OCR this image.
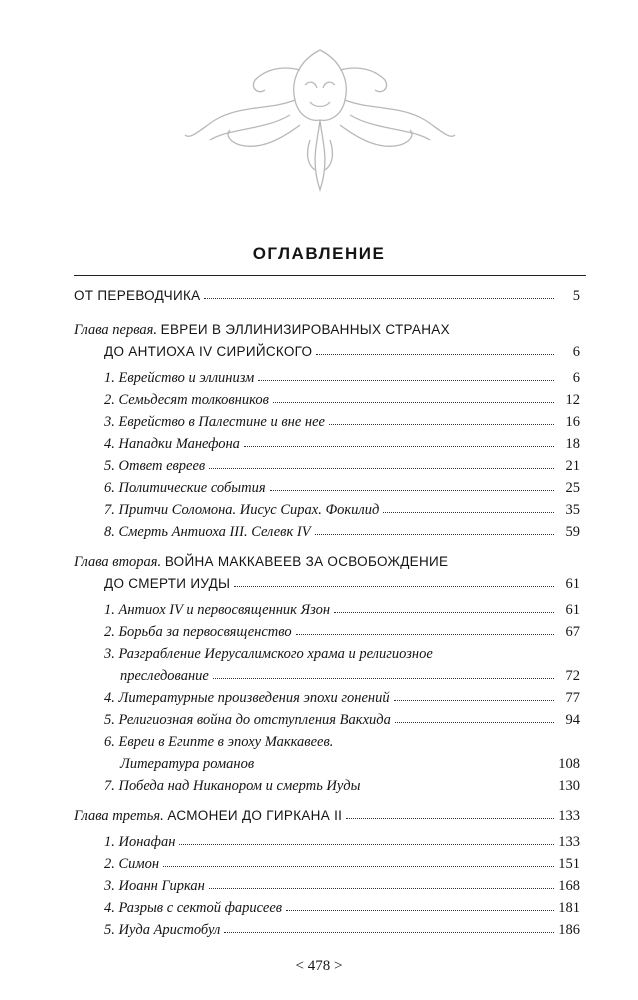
ОГЛАВЛЕНИЕ
ОТ ПЕРЕВОДЧИКА	5
Глава первая. ЕВРЕИ В ЭЛЛИНИЗИРОВАННЫХ СТРАНАХ
ДО АНТИОХА IV СИРИЙСКОГО	6
1. Еврейство и эллинизм	6
2. Семьдесят толковников	12
3. Еврейство в Палестине и вне нее	16
4. Нападки Манефона	18
5. Ответ евреев	21
6. Политические события	25
7. Притчи Соломона. Иисус Сирах. Фокилид	35
8. Смерть Антиоха III. Селевк IV	59
Глава вторая. ВОЙНА МАККАВЕЕВ ЗА ОСВОБОЖДЕНИЕ
ДО СМЕРТИ ИУДЫ	61
1. Антиох IV и первосвященник Язон	61
2. Борьба за первосвященство	67
3. Разграбление Иерусалимского храма и религиозное
преследование	72
4. Литературные произведения эпохи гонений	77
5. Религиозная война до отступления Вакхида	94
6. Евреи в Египте в эпоху Маккавеев.
Литература романов	108
7. Победа над Никанором и смерть Иуды	130
Глава третья. АСМОНЕИ ДО ГИРКАНА II	133
1. Ионафан	133
2. Симон	151
3. Иоанн Гиркан	168
4. Разрыв с сектой фарисеев	181
5. Иуда Аристобул	186
< 478 >
